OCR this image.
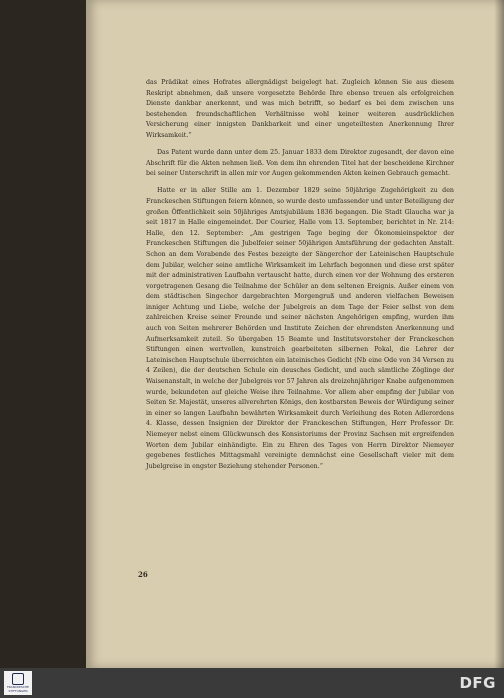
das Prädikat eines Hofrates allergnädigst beigelegt hat. Zugleich können Sie aus diesem Reskript abnehmen, daß unsere vorgesetzte Behörde Ihre ebenso treuen als erfolgreichen Dienste dankbar anerkennt, und was mich betrifft, so bedarf es bei dem zwischen uns bestehenden freundschaftlichen Verhältnisse wohl keiner weiteren ausdrücklichen Versicherung einer innigsten Dankbarkeit und einer ungeteiltesten Anerkennung Ihrer Wirksamkeit.“

Das Patent wurde dann unter dem 25. Januar 1833 dem Direktor zugesandt, der davon eine Abschrift für die Akten nehmen ließ. Von dem ihn ehrenden Titel hat der bescheidene Kirchner bei seiner Unterschrift in allen mir vor Augen gekommenden Akten keinen Gebrauch gemacht.

Hatte er in aller Stille am 1. Dezember 1829 seine 50jährige Zugehörigkeit zu den Franckeschen Stiftungen feiern können, so wurde desto umfassender und unter Beteiligung der großen Öffentlichkeit sein 50jähriges Amtsjubiläum 1836 begangen. Die Stadt Glaucha war ja seit 1817 in Halle eingemeindet. Der Courier, Halle vom 13. September, berichtet in Nr. 214: Halle, den 12. September: „Am gestrigen Tage beging der Ökonomieinspektor der Franckeschen Stiftungen die Jubelfeier seiner 50jährigen Amtsführung der gedachten Anstalt. Schon an dem Vorabende des Festes bezeigte der Sängerchor der Lateinischen Hauptschule dem Jubilar, welcher seine amtliche Wirksamkeit im Lehrfach begonnen und diese erst später mit der administrativen Laufbahn vertauscht hatte, durch einen vor der Wohnung des ersteren vorgetragenen Gesang die Teilnahme der Schüler an dem seltenen Ereignis. Außer einem von dem städtischen Singechor dargebrachten Morgengruß und anderen vielfachen Beweisen inniger Achtung und Liebe, welche der Jubelgreis an dem Tage der Feier selbst von dem zahlreichen Kreise seiner Freunde und seiner nächsten Angehörigen empfing, wurden ihm auch von Seiten mehrerer Behörden und Institute Zeichen der ehrendsten Anerkennung und Aufmerksamkeit zuteil. So übergaben 15 Beamte und Institutsvorsteher der Franckeschen Stiftungen einen wertvollen, kunstreich gearbeiteten silbernen Pokal, die Lehrer der Lateinischen Hauptschule überreichten ein lateinisches Gedicht (Nb eine Ode von 34 Versen zu 4 Zeilen), die der deutschen Schule ein deusches Gedicht, und auch sämtliche Zöglinge der Waisenanstalt, in welche der Jubelgreis vor 57 Jahren als dreizehnjähriger Knabe aufgenommen wurde, bekundeten auf gleiche Weise ihre Teilnahme. Vor allem aber empfing der Jubilar von Seiten Sr. Majestät, unseres allverehrten Königs, den kostbarsten Beweis der Würdigung seiner in einer so langen Laufbahn bewährten Wirksamkeit durch Verleihung des Roten Adlerordens 4. Klasse, dessen Insignien der Direktor der Franckeschen Stiftungen, Herr Professor Dr. Niemeyer nebst einem Glückwunsch des Konsistoriums der Provinz Sachsen mit ergreifenden Worten dem Jubilar einhändigte. Ein zu Ehren des Tages von Herrn Direktor Niemeyer gegebenes festliches Mittagsmahl vereinigte demnächst eine Gesellschaft vieler mit dem Jubelgreise in engster Beziehung stehender Personen.“

26
FRANCKESCHE STIFTUNGEN	DFG
